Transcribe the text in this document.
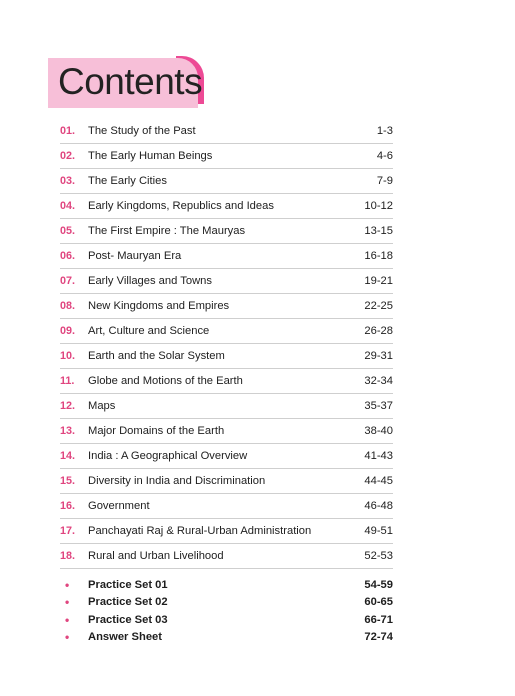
Contents
01.	The Study of the Past	1-3
02.	The Early Human Beings	4-6
03.	The Early Cities	7-9
04.	Early Kingdoms, Republics and Ideas	10-12
05.	The First Empire : The Mauryas	13-15
06.	Post- Mauryan Era	16-18
07.	Early Villages and Towns	19-21
08.	New Kingdoms and Empires	22-25
09.	Art, Culture and Science	26-28
10.	Earth and the Solar System	29-31
11.	Globe and Motions of the Earth	32-34
12.	Maps	35-37
13.	Major Domains of the Earth	38-40
14.	India : A Geographical Overview	41-43
15.	Diversity in India and Discrimination	44-45
16.	Government	46-48
17.	Panchayati Raj & Rural-Urban Administration	49-51
18.	Rural and Urban Livelihood	52-53
•	Practice Set 01	54-59
•	Practice Set 02	60-65
•	Practice Set 03	66-71
•	Answer Sheet	72-74
